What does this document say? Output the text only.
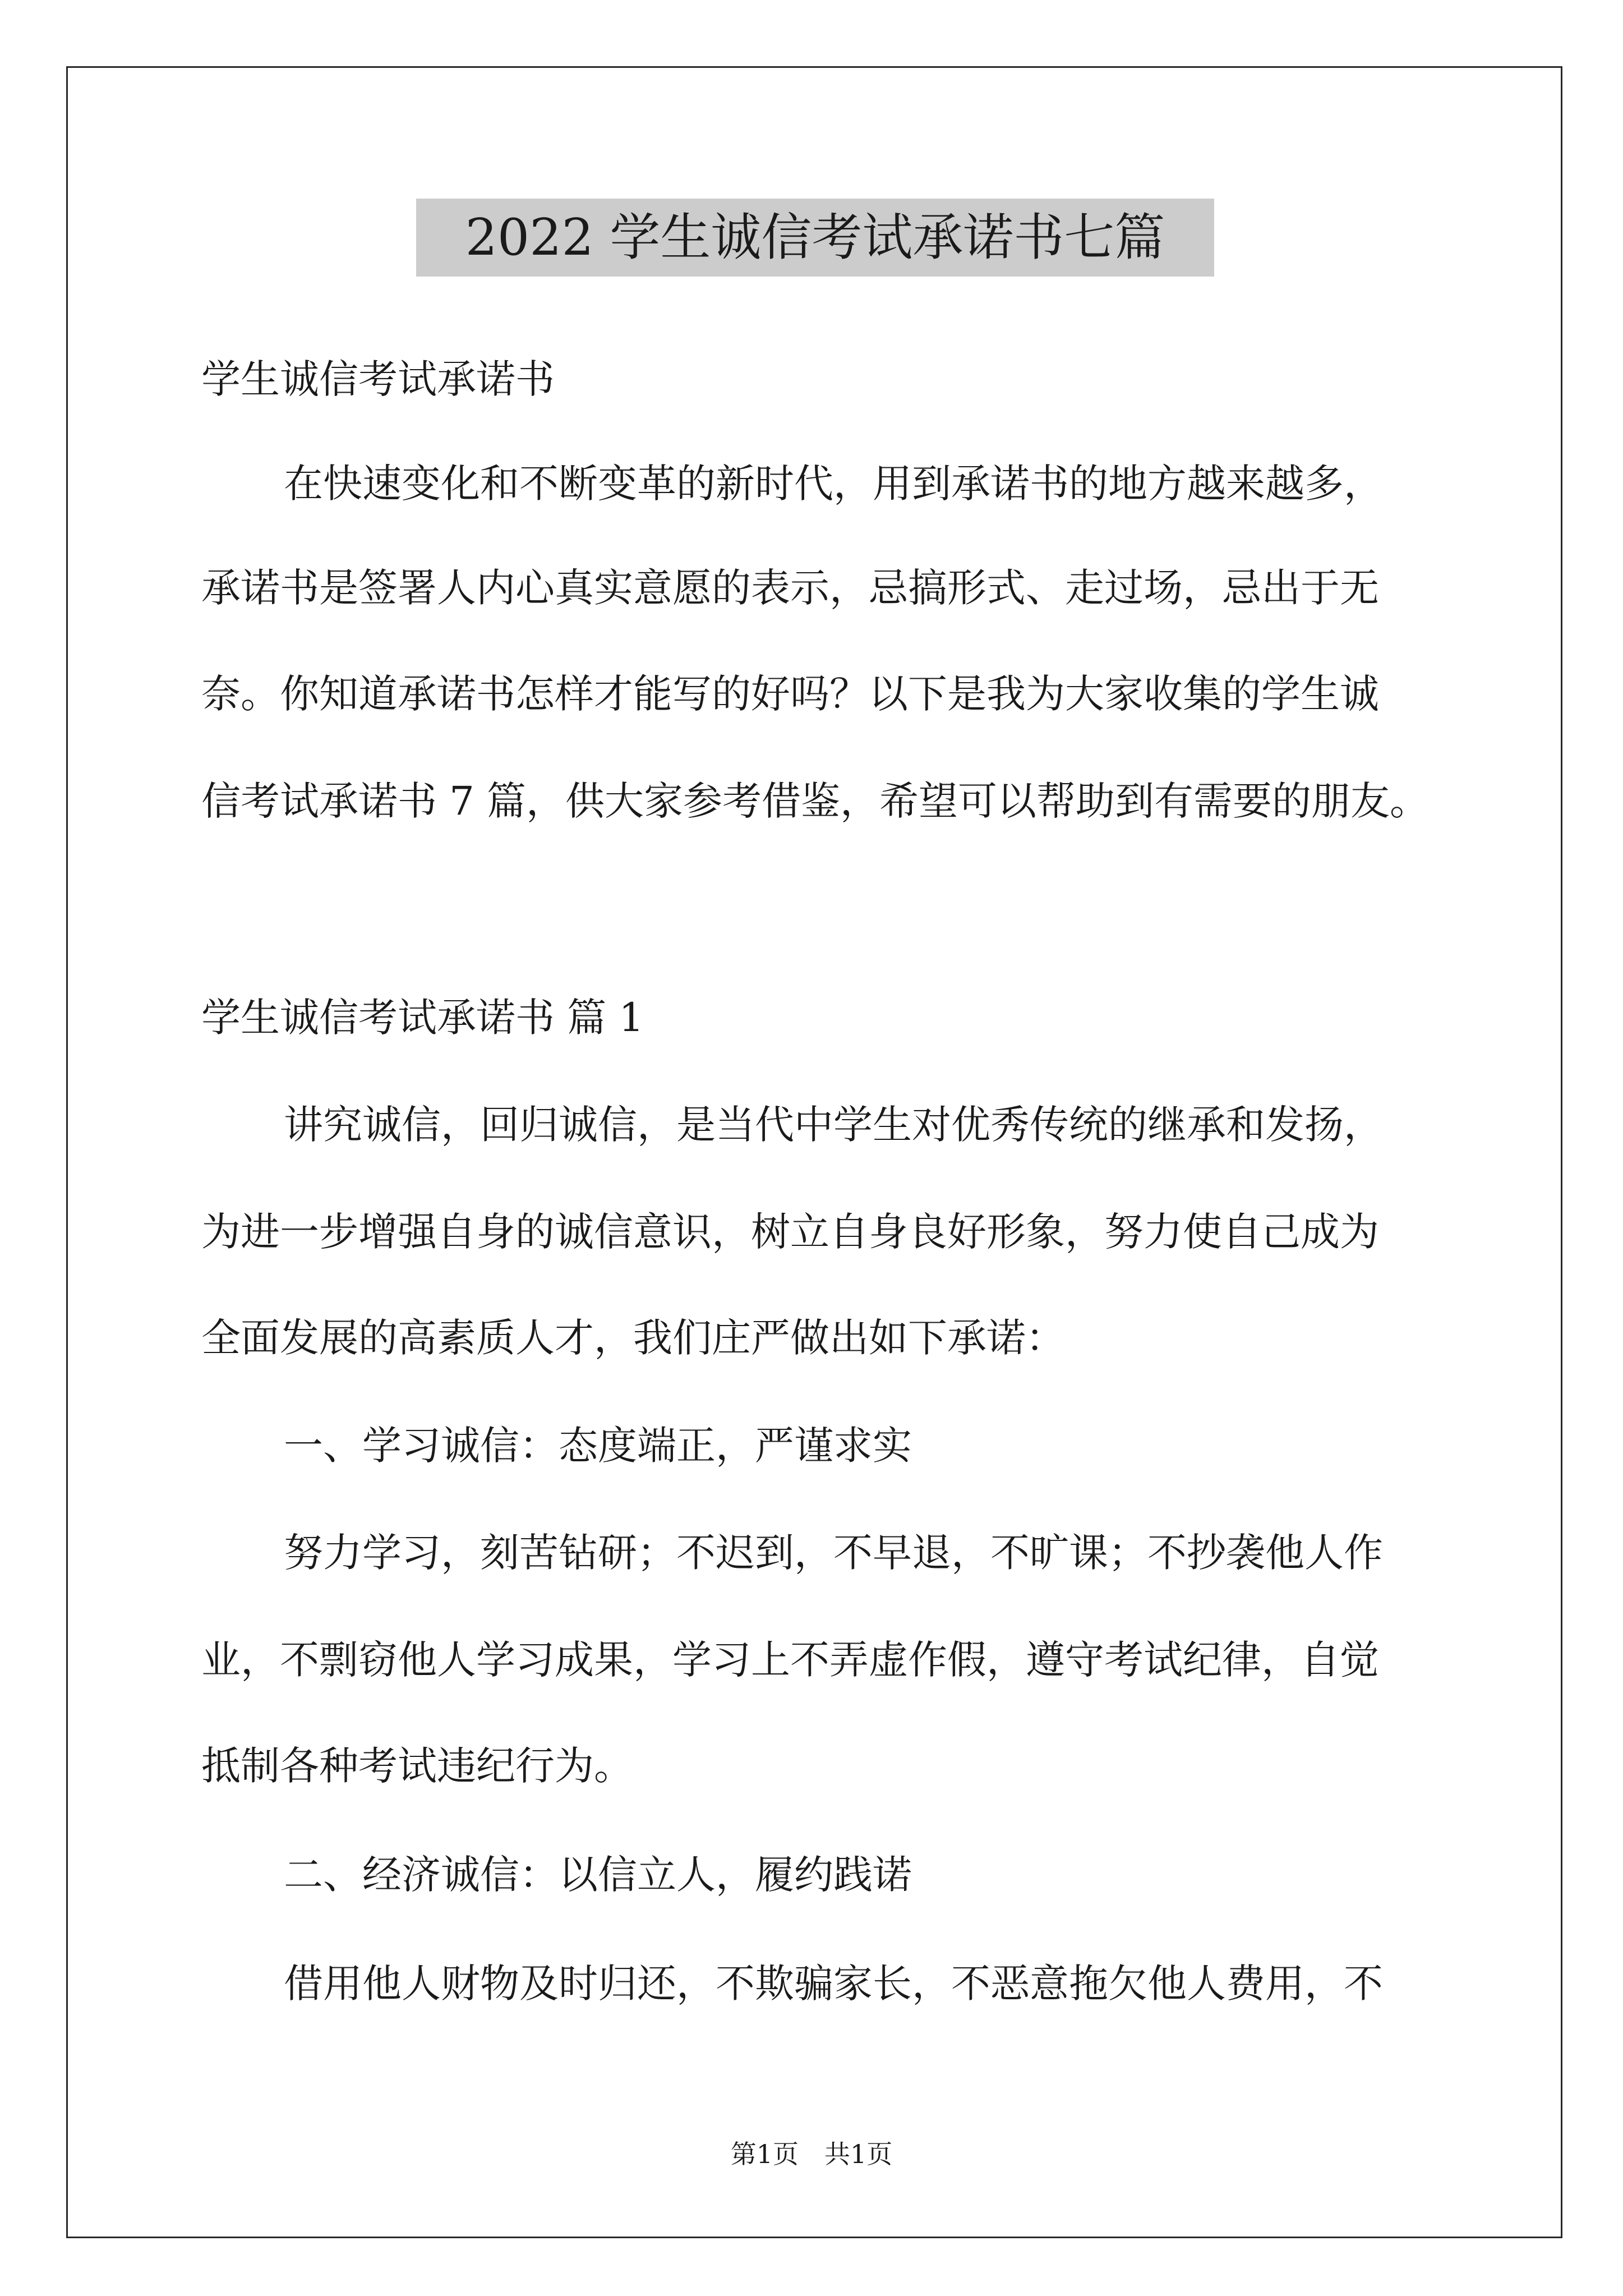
2022 学生诚信考试承诺书七篇
学生诚信考试承诺书
在快速变化和不断变革的新时代，用到承诺书的地方越来越多，
承诺书是签署人内心真实意愿的表示，忌搞形式、走过场，忌出于无
奈。你知道承诺书怎样才能写的好吗？以下是我为大家收集的学生诚
信考试承诺书 7 篇，供大家参考借鉴，希望可以帮助到有需要的朋友。
学生诚信考试承诺书 篇 1
讲究诚信，回归诚信，是当代中学生对优秀传统的继承和发扬，
为进一步增强自身的诚信意识，树立自身良好形象，努力使自己成为
全面发展的高素质人才，我们庄严做出如下承诺：
一、学习诚信：态度端正，严谨求实
努力学习，刻苦钻研；不迟到，不早退，不旷课；不抄袭他人作
业，不剽窃他人学习成果，学习上不弄虚作假，遵守考试纪律，自觉
抵制各种考试违纪行为。
二、经济诚信：以信立人，履约践诺
借用他人财物及时归还，不欺骗家长，不恶意拖欠他人费用，不
第1页　共1页
